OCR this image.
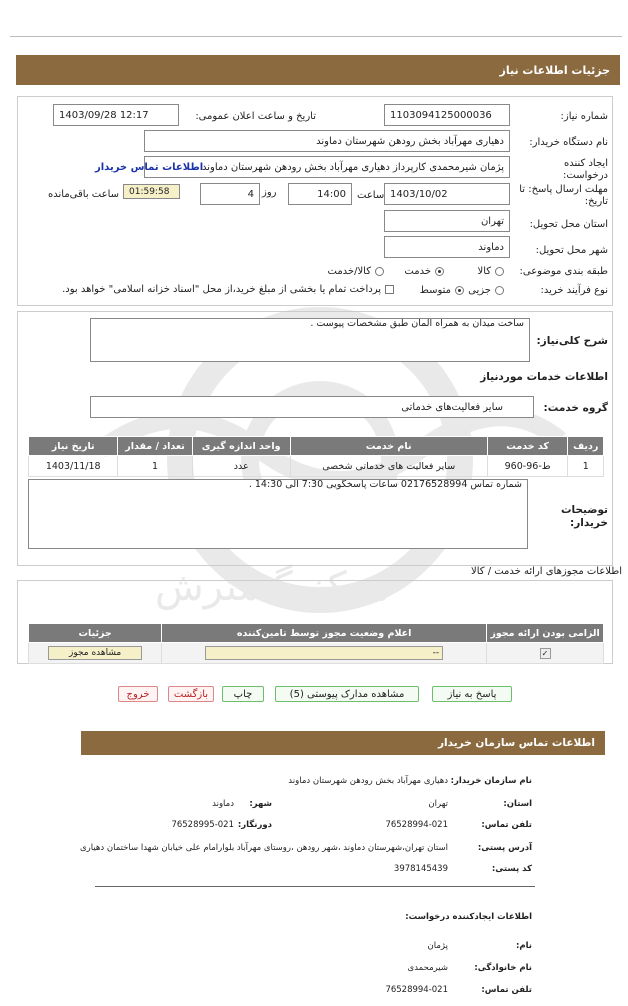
مرکز گسترش
جزئیات اطلاعات نیاز
شماره نیاز:
1103094125000036
تاریخ و ساعت اعلان عمومی:
1403/09/28 12:17
نام دستگاه خریدار:
دهیاری مهرآباد بخش رودهن شهرستان دماوند
ایجاد کننده درخواست:
پژمان شیرمحمدی کارپرداز دهیاری مهرآباد بخش رودهن شهرستان دماوند
اطلاعات تماس خریدار
مهلت ارسال پاسخ: تا تاریخ:
1403/10/02
ساعت
14:00
روز
4
01:59:58
ساعت باقی‌مانده
استان محل تحویل:
تهران
شهر محل تحویل:
دماوند
طبقه بندی موضوعی:
کالا
خدمت
کالا/خدمت
نوع فرآیند خرید:
جزیی
متوسط
پرداخت تمام یا بخشی از مبلغ خرید،از محل "اسناد خزانه اسلامی" خواهد بود.
ساخت میدان به همراه المان طبق مشخصات پیوست .
شرح کلی‌نیاز:
اطلاعات خدمات موردنیاز
گروه خدمت:
سایر فعالیت‌های خدماتی
ردیف	کد خدمت	نام خدمت	واحد اندازه گیری	تعداد / مقدار	تاریخ نیاز
1	ط-96-960	سایر فعالیت های خدماتی شخصی	عدد	1	1403/11/18
شماره تماس 02176528994 ساعات پاسخگویی 7:30 الی 14:30 .
توضیحات خریدار:
اطلاعات مجوزهای ارائه خدمت / کالا
الزامی بودن ارائه مجوز	اعلام وضعیت مجوز توسط تامین‌کننده	جزئیات
✓	--	مشاهده مجوز
پاسخ به نیاز
مشاهده مدارک پیوستی (5)
چاپ
بازگشت
خروج
اطلاعات تماس سازمان خریدار
نام سازمان خریدار:
دهیاری مهرآباد بخش رودهن شهرستان دماوند
استان:
تهران
شهر:
دماوند
تلفن تماس:
76528994-021
دورنگار:
76528995-021
آدرس پستی:
استان تهران،شهرستان دماوند ،شهر رودهن ،روستای مهرآباد بلوارامام علی خیابان شهدا ساختمان دهیاری
کد پستی:
3978145439
اطلاعات ایجادکننده درخواست:
نام:
پژمان
نام خانوادگی:
شیرمحمدی
تلفن تماس:
76528994-021
